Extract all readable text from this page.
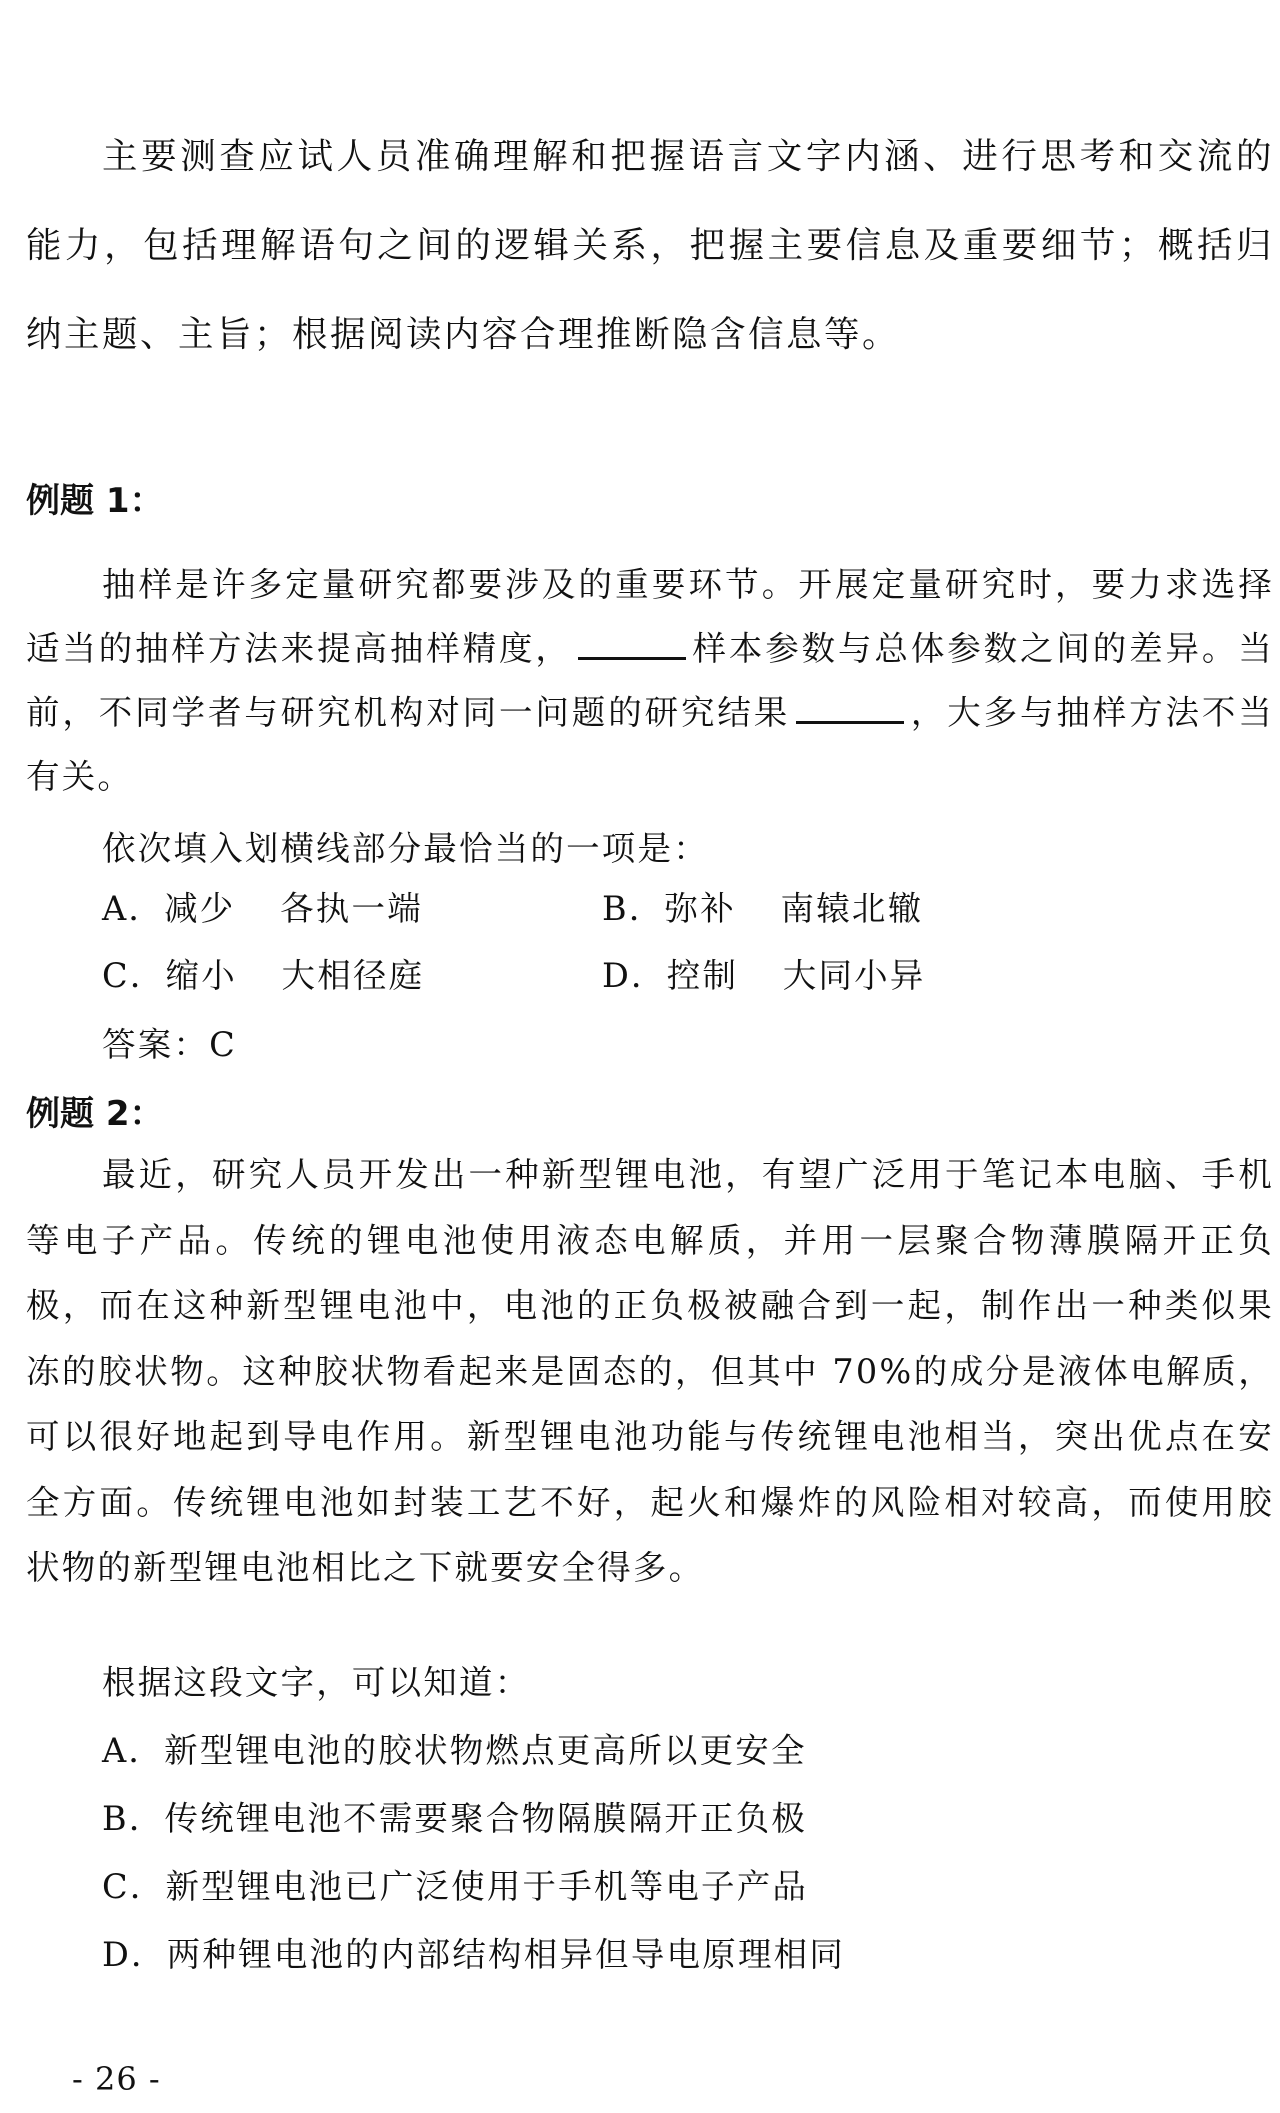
主要测查应试人员准确理解和把握语言文字内涵、进行思考和交流的能力，包括理解语句之间的逻辑关系，把握主要信息及重要细节；概括归纳主题、主旨；根据阅读内容合理推断隐含信息等。

例题 1：

抽样是许多定量研究都要涉及的重要环节。开展定量研究时，要力求选择适当的抽样方法来提高抽样精度，	样本参数与总体参数之间的差异。当前，不同学者与研究机构对同一问题的研究结果	，大多与抽样方法不当有关。

依次填入划横线部分最恰当的一项是：

A．减少 各执一端	B．弥补 南辕北辙
C．缩小 大相径庭	D．控制 大同小异

答案：C

例题 2：

最近，研究人员开发出一种新型锂电池，有望广泛用于笔记本电脑、手机等电子产品。传统的锂电池使用液态电解质，并用一层聚合物薄膜隔开正负极，而在这种新型锂电池中，电池的正负极被融合到一起，制作出一种类似果冻的胶状物。这种胶状物看起来是固态的，但其中 70%的成分是液体电解质，可以很好地起到导电作用。新型锂电池功能与传统锂电池相当，突出优点在安全方面。传统锂电池如封装工艺不好，起火和爆炸的风险相对较高，而使用胶状物的新型锂电池相比之下就要安全得多。

根据这段文字，可以知道：

A．新型锂电池的胶状物燃点更高所以更安全

B．传统锂电池不需要聚合物隔膜隔开正负极

C．新型锂电池已广泛使用于手机等电子产品

D．两种锂电池的内部结构相异但导电原理相同

- 26 -
